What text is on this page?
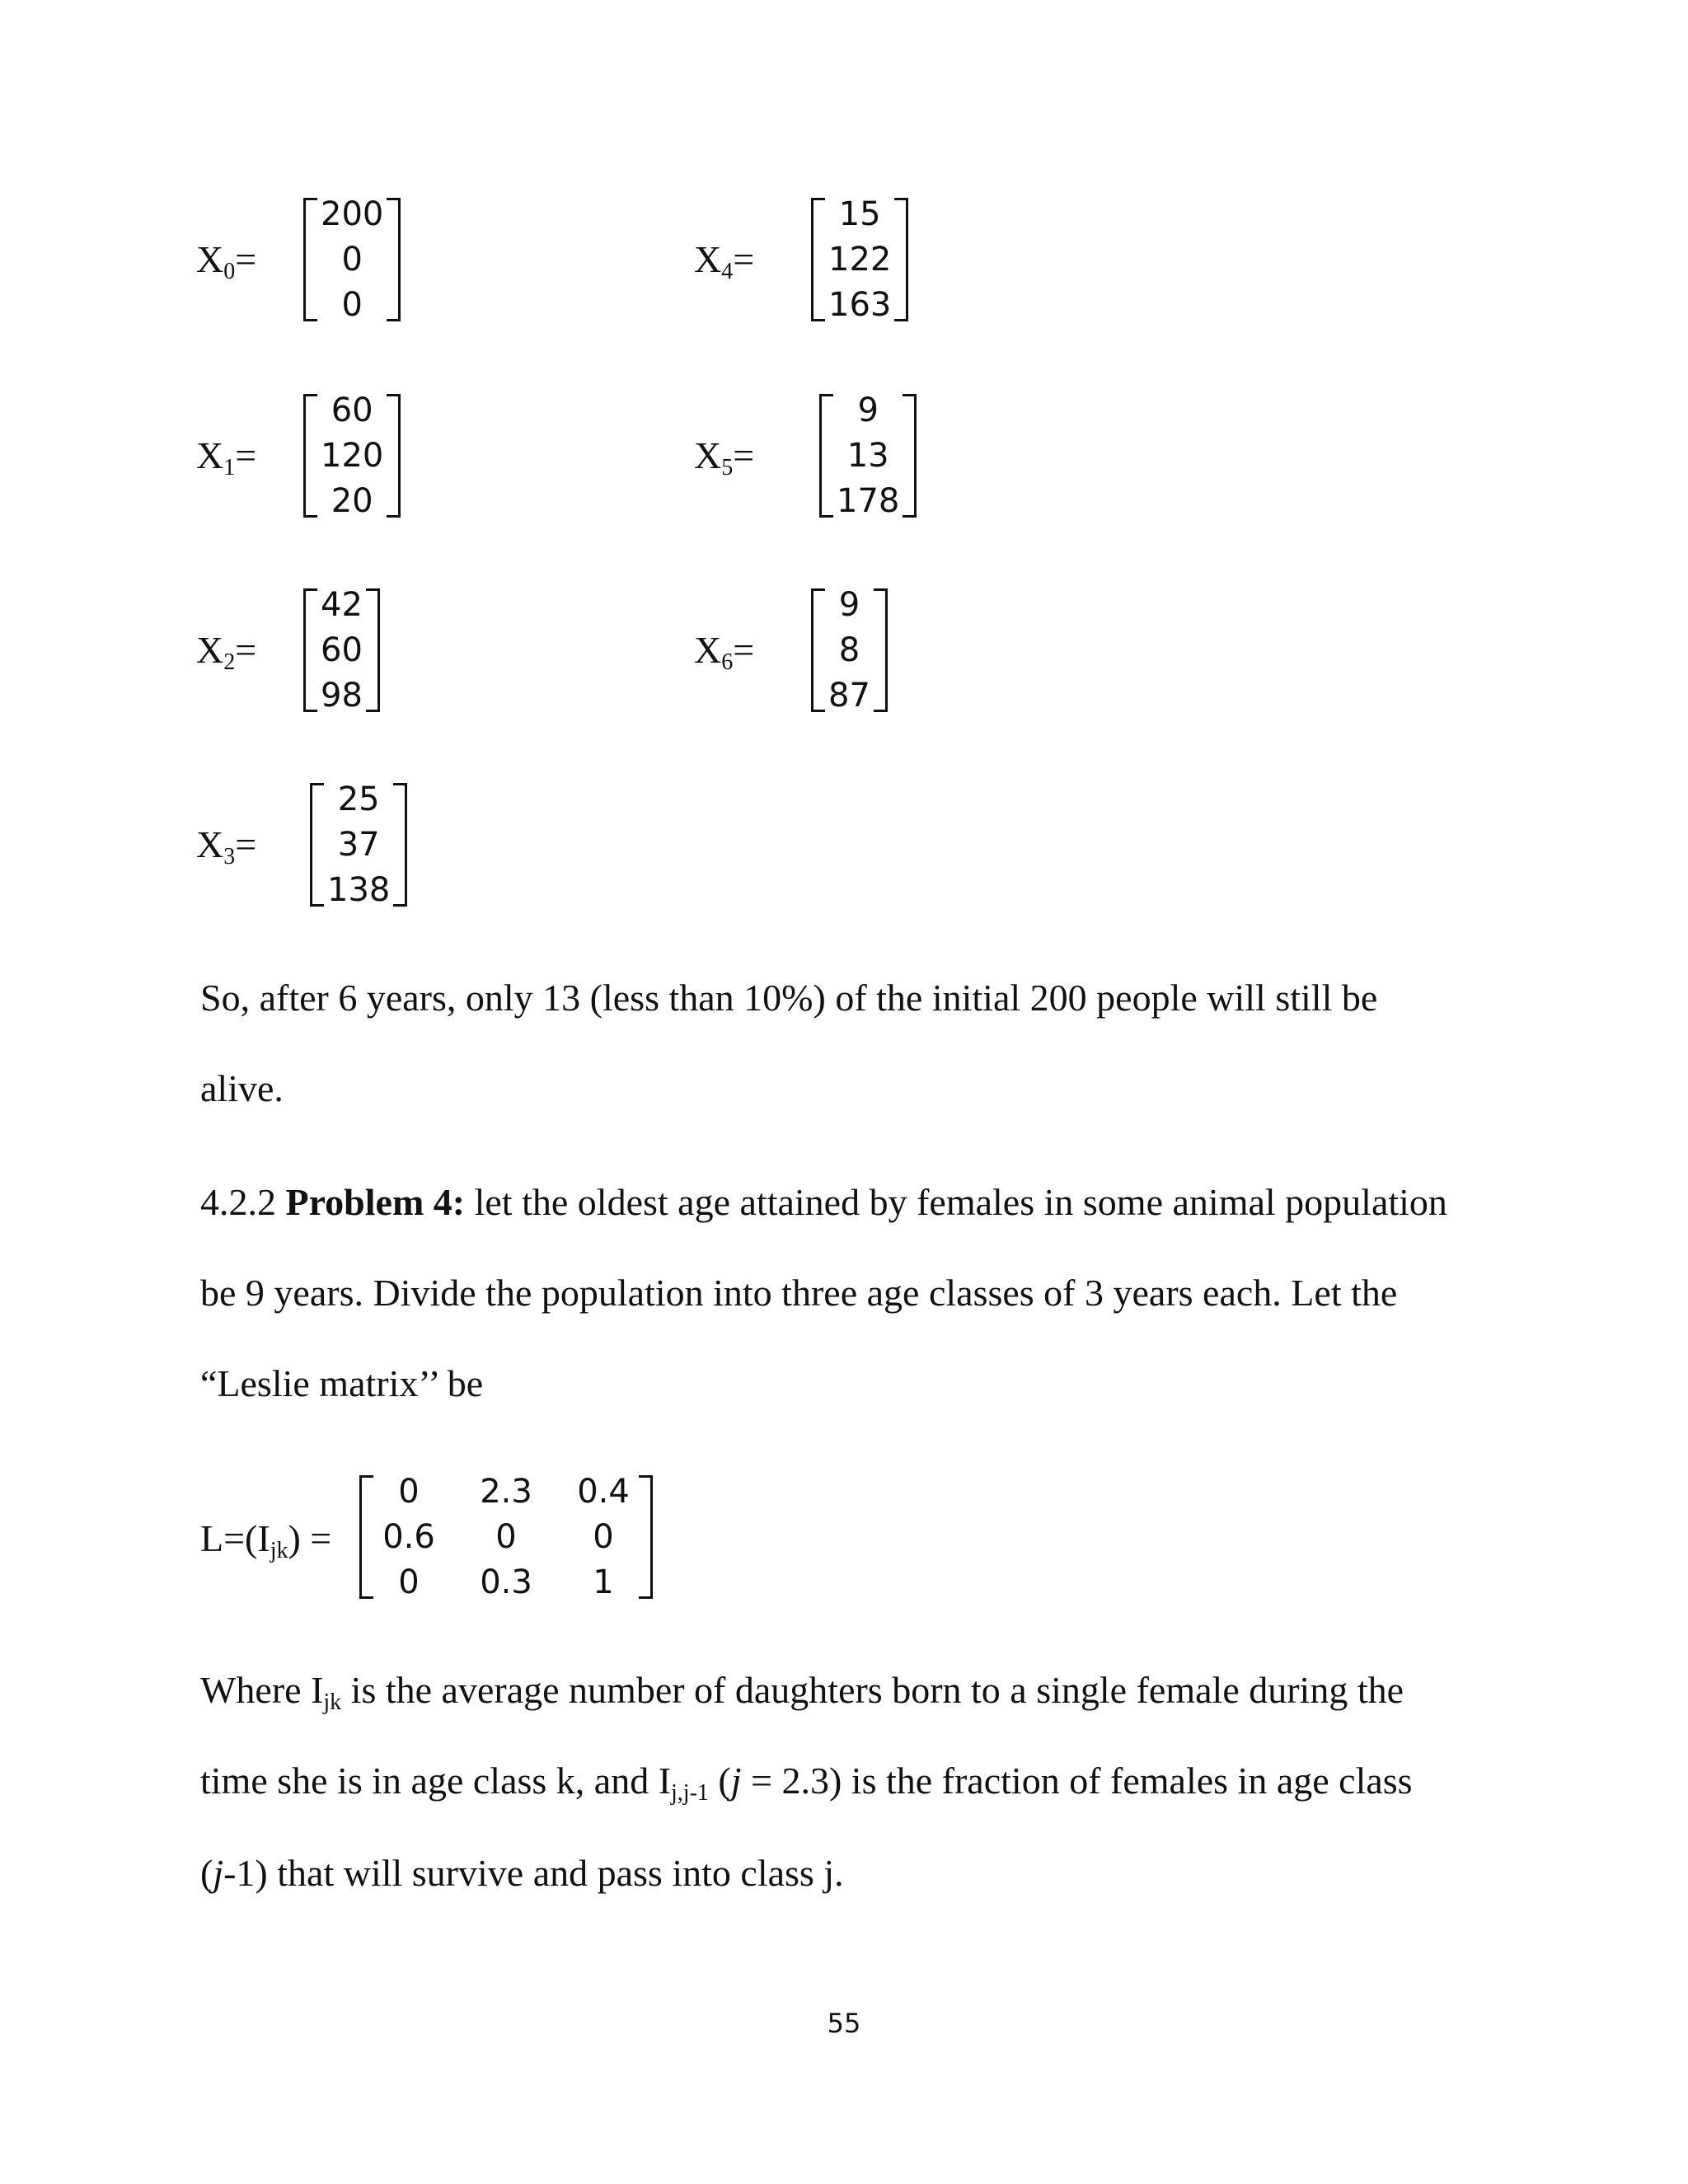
$X_0=$
200
0
0
$X_1=$
60
120
20
$X_2=$
42
60
98
$X_3=$
25
37
138
$X_4=$
15
122
163
$X_5=$
9
13
178
$X_6=$
9
8
87
So, after 6 years, only 13 (less than 10%) of the initial 200 people will still be
alive.
4.2.2 Problem 4: let the oldest age attained by females in some animal population
be 9 years. Divide the population into three age classes of 3 years each. Let the
“Leslie matrix’’ be
$L=(I_{jk})$ =
0	2.3 0.4
0.6	0	0
0	0.3	1
Where $I_{jk}$ is the average number of daughters born to a single female during the
time she is in age class k, and $I_{j,j-1}$ (j = 2.3) is the fraction of females in age class
(j-1) that will survive and pass into class j.
55
